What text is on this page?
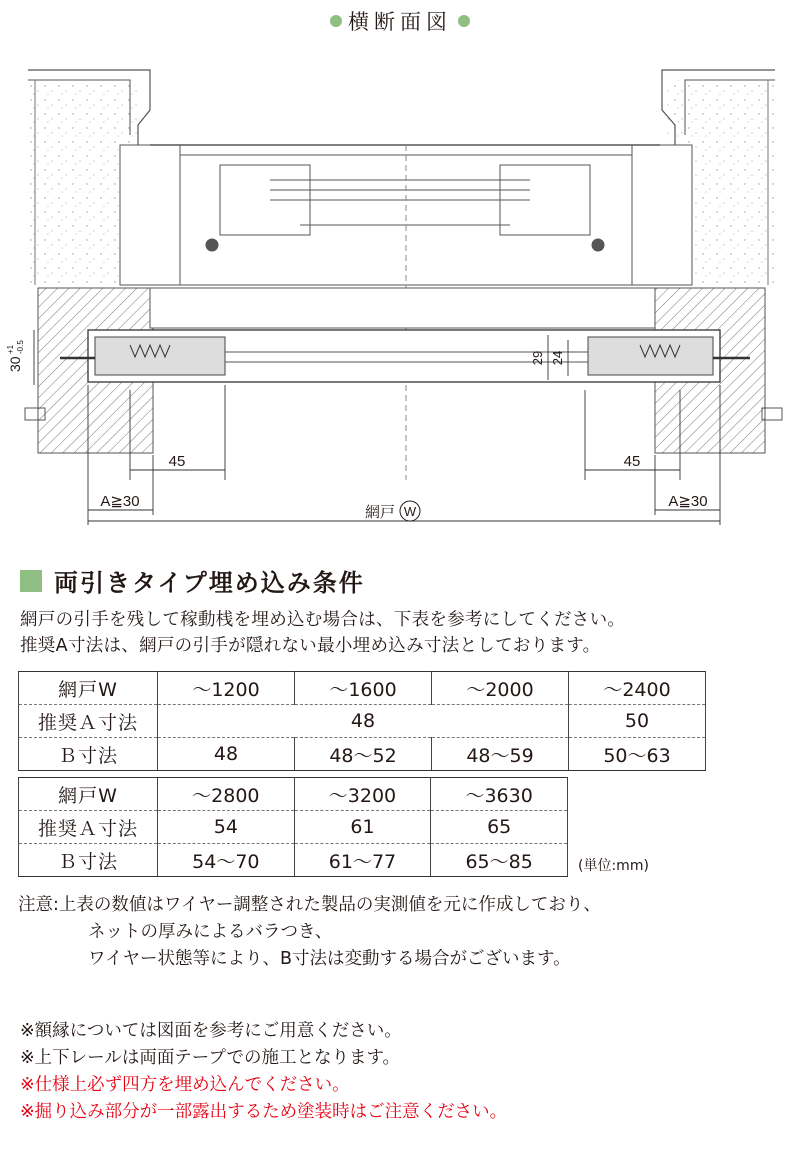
横断面図
45	45
A≧30	A≧30
網戸 W
29 24
30
+1 -0.5
両引きタイプ埋め込み条件
網戸の引手を残して稼動桟を埋め込む場合は、下表を参考にしてください。
推奨A寸法は、網戸の引手が隠れない最小埋め込み寸法としております。
網戸W	～1200	～1600	～2000	～2400
推奨Ａ寸法	48			50
Ｂ寸法	48	48～52	48～59	50～63
網戸W	～2800	～3200	～3630
推奨Ａ寸法	54	61	65
Ｂ寸法	54～70	61～77	65～85	(単位:mm)
注意:上表の数値はワイヤー調整された製品の実測値を元に作成しており、
ネットの厚みによるバラつき、
ワイヤー状態等により、B寸法は変動する場合がございます。
※額縁については図面を参考にご用意ください。
※上下レールは両面テープでの施工となります。
※仕様上必ず四方を埋め込んでください。
※掘り込み部分が一部露出するため塗装時はご注意ください。
